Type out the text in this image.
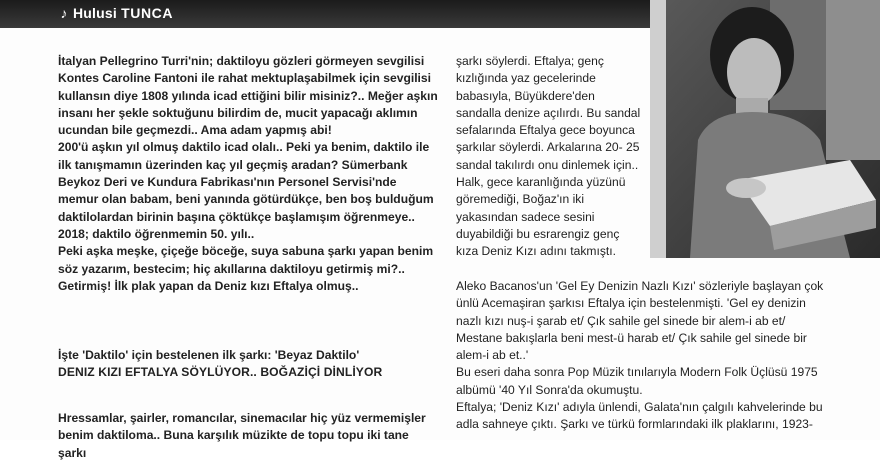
♪ Hulusi TUNCA

İtalyan Pellegrino Turri'nin; daktiloyu gözleri görmeyen sevgilisi Kontes Caroline Fantoni ile rahat mektuplaşabilmek için sevgilisi kullansın diye 1808 yılında icad ettiğini bilir misiniz?.. Meğer aşkın insanı her şekle soktuğunu bilirdim de, mucit yapacağı aklımın ucundan bile geçmezdi.. Ama adam yapmış abi!

200'ü aşkın yıl olmuş daktilo icad olalı.. Peki ya benim, daktilo ile ilk tanışmamın üzerinden kaç yıl geçmiş aradan? Sümerbank Beykoz Deri ve Kundura Fabrikası'nın Personel Servisi'nde memur olan babam, beni yanında götürdükçe, ben boş bulduğum daktilolardan birinin başına çöktükçe başlamışım öğrenmeye.. 2018; daktilo öğrenmemin 50. yılı..

Peki aşka meşke, çiçeğe böceğe, suya sabuna şarkı yapan benim söz yazarım, bestecim; hiç akıllarına daktiloyu getirmiş mi?.. Getirmiş! İlk plak yapan da Deniz kızı Eftalya olmuş..

İşte 'Daktilo' için bestelenen ilk şarkı: 'Beyaz Daktilo'
DENIZ KIZI EFTALYA SÖYLÜYOR.. BOĞAZİÇİ DİNLİYOR
Hressamlar, şairler, romancılar, sinemacılar hiç yüz vermemişler benim daktiloma.. Buna karşılık müzikte de topu topu iki tane şarkı

şarkı söylerdi. Eftalya; genç kızlığında yaz gecelerinde babasıyla, Büyükdere'den sandalla denize açılırdı. Bu sandal sefalarında Eftalya gece boyunca şarkılar söylerdi. Arkalarına 20- 25 sandal takılırdı onu dinlemek için.. Halk, gece karanlığında yüzünü göremediği, Boğaz'ın iki yakasından sadece sesini duyabildiği bu esrarengiz genç kıza Deniz Kızı adını takmıştı.

Aleko Bacanos'un 'Gel Ey Denizin Nazlı Kızı' sözleriyle başlayan çok ünlü Acemaşiran şarkısı Eftalya için bestelenmişti. 'Gel ey denizin nazlı kızı nuş-i şarab et/ Çık sahile gel sinede bir alem-i ab et/ Mestane bakışlarla beni mest-ü harab et/ Çık sahile gel sinede bir alem-i ab et..'

Bu eseri daha sonra Pop Müzik tınılarıyla Modern Folk Üçlüsü 1975 albümü '40 Yıl Sonra'da okumuştu.

Eftalya; 'Deniz Kızı' adıyla ünlendi, Galata'nın çalgılı kahvelerinde bu adla sahneye çıktı. Şarkı ve türkü formlarındaki ilk plaklarını, 1923-
